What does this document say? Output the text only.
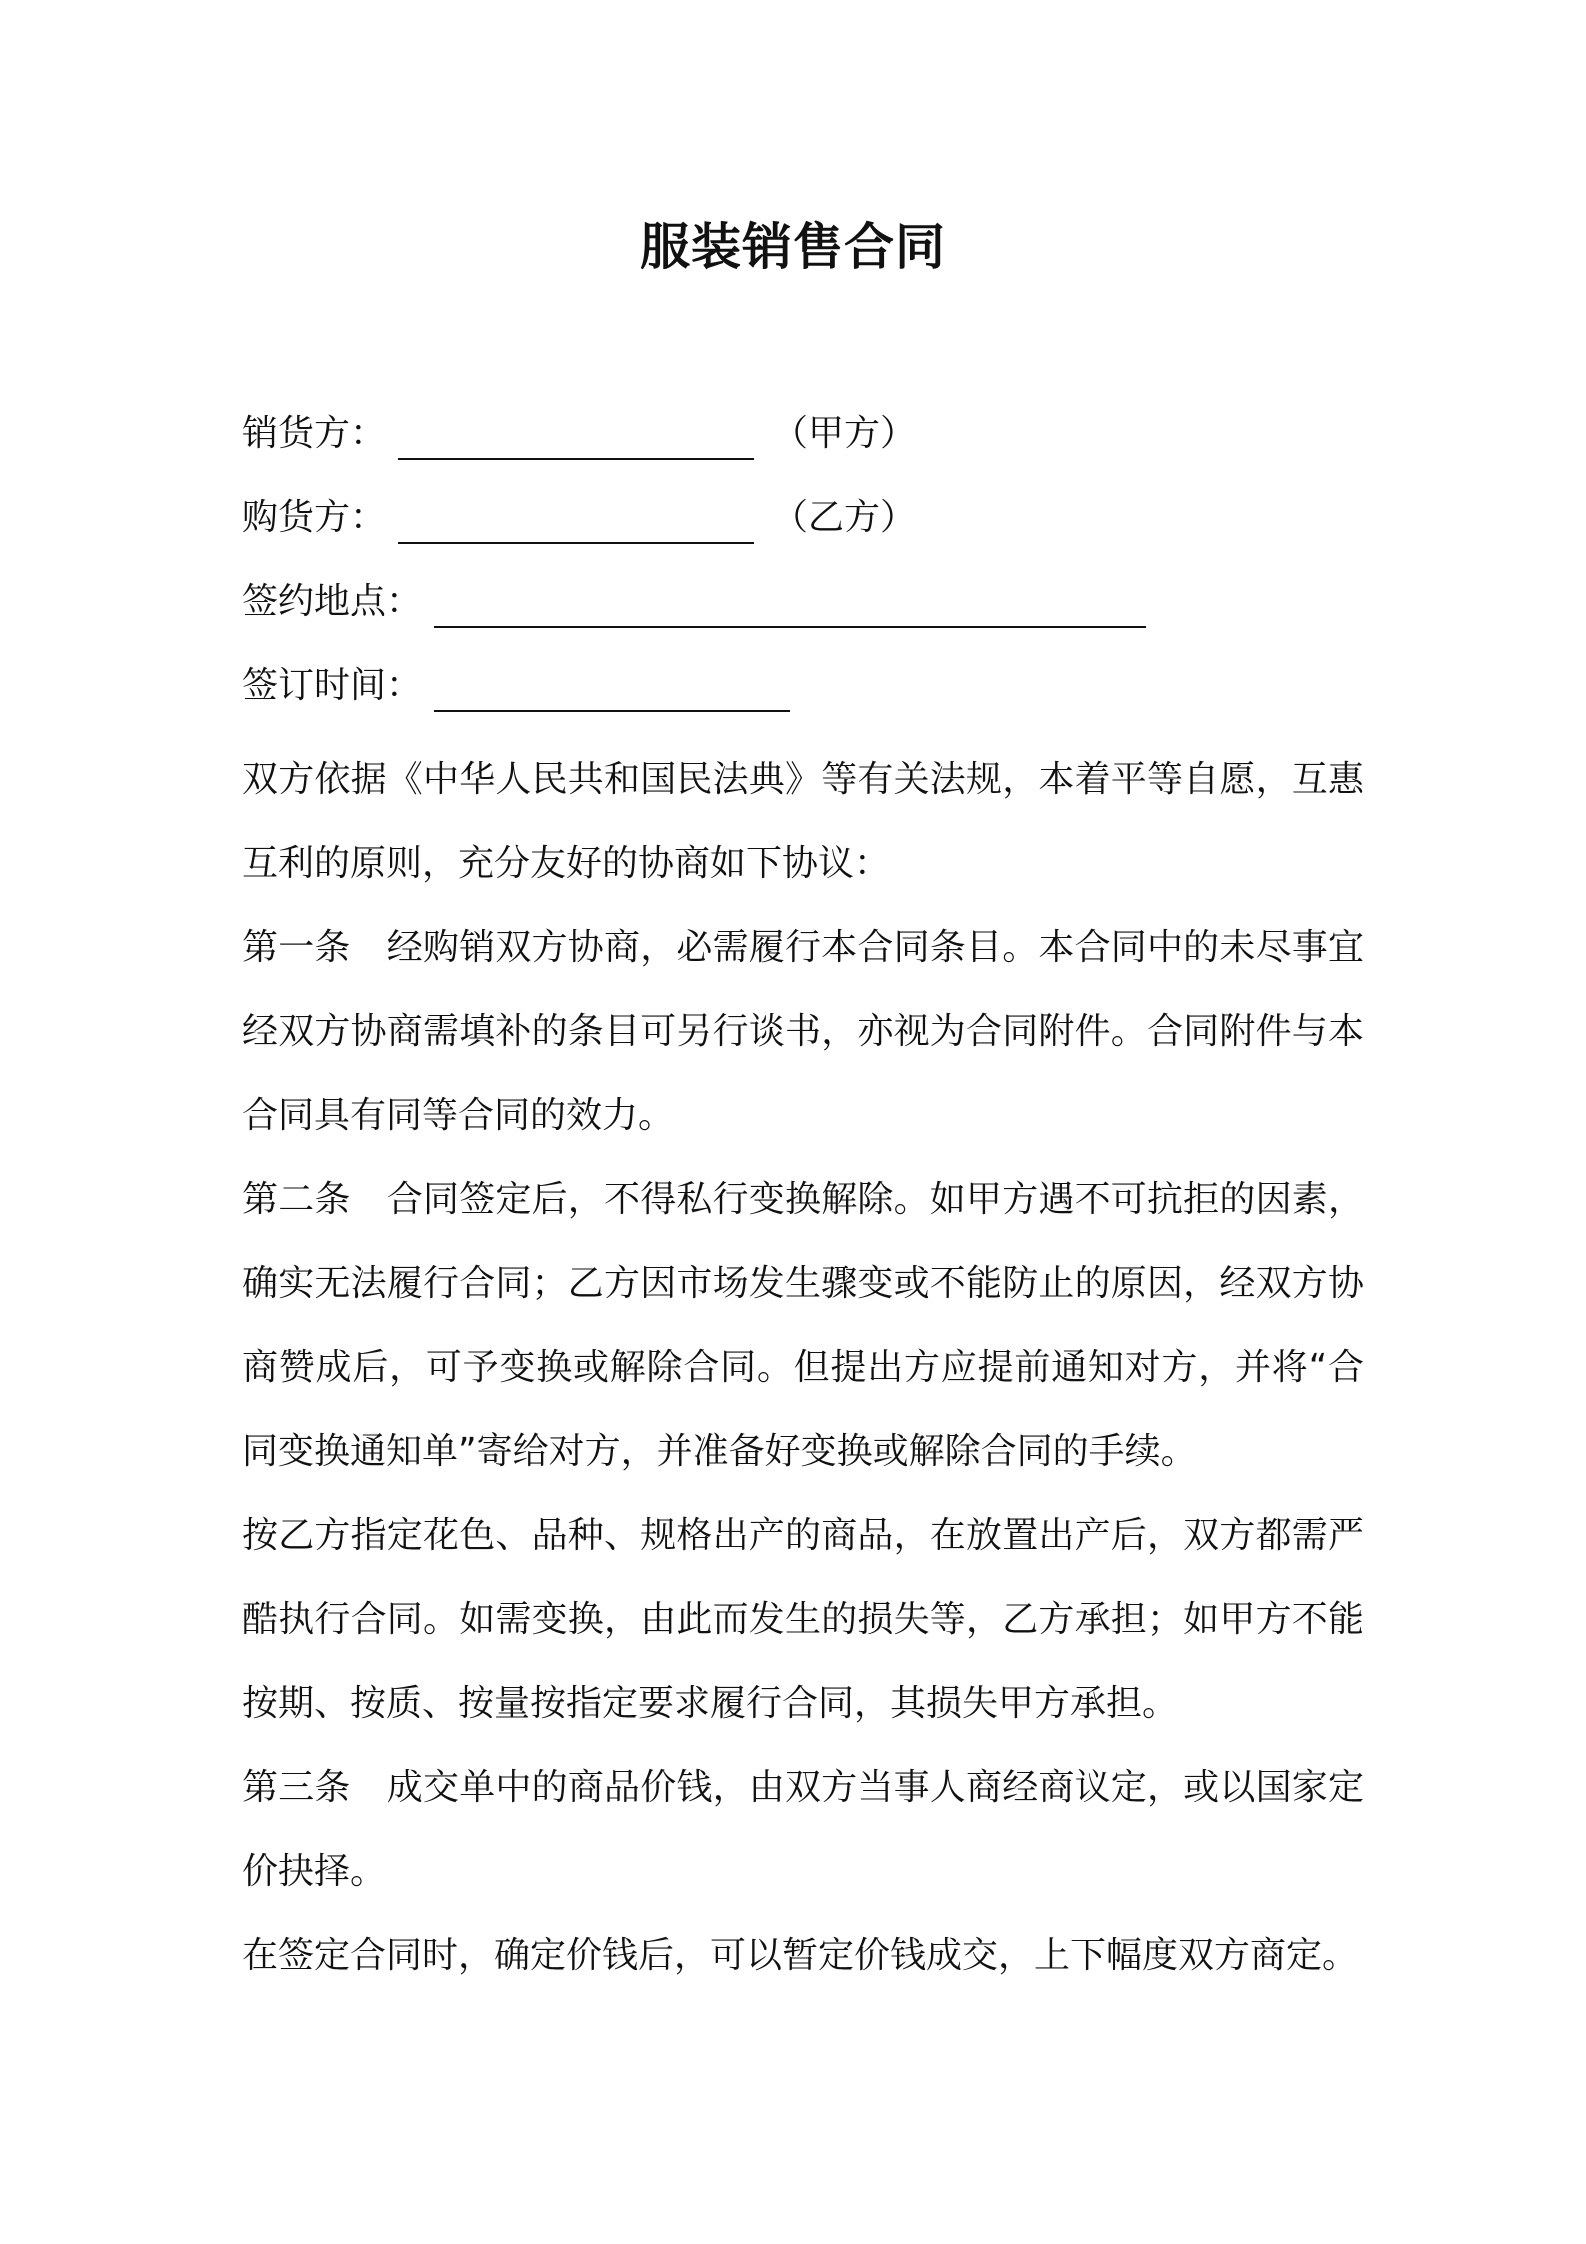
服装销售合同
销货方：	（甲方）
购货方：	（乙方）
签约地点：
签订时间：

双方依据《中华人民共和国民法典》等有关法规，本着平等自愿，互惠互利的原则，充分友好的协商如下协议：

第一条　经购销双方协商，必需履行本合同条目。本合同中的未尽事宜经双方协商需填补的条目可另行谈书，亦视为合同附件。合同附件与本合同具有同等合同的效力。

第二条　合同签定后，不得私行变换解除。如甲方遇不可抗拒的因素，确实无法履行合同；乙方因市场发生骤变或不能防止的原因，经双方协商赞成后，可予变换或解除合同。但提出方应提前通知对方，并将“合同变换通知单”寄给对方，并准备好变换或解除合同的手续。

按乙方指定花色、品种、规格出产的商品，在放置出产后，双方都需严酷执行合同。如需变换，由此而发生的损失等，乙方承担；如甲方不能按期、按质、按量按指定要求履行合同，其损失甲方承担。

第三条　成交单中的商品价钱，由双方当事人商经商议定，或以国家定价抉择。

在签定合同时，确定价钱后，可以暂定价钱成交，上下幅度双方商定。
